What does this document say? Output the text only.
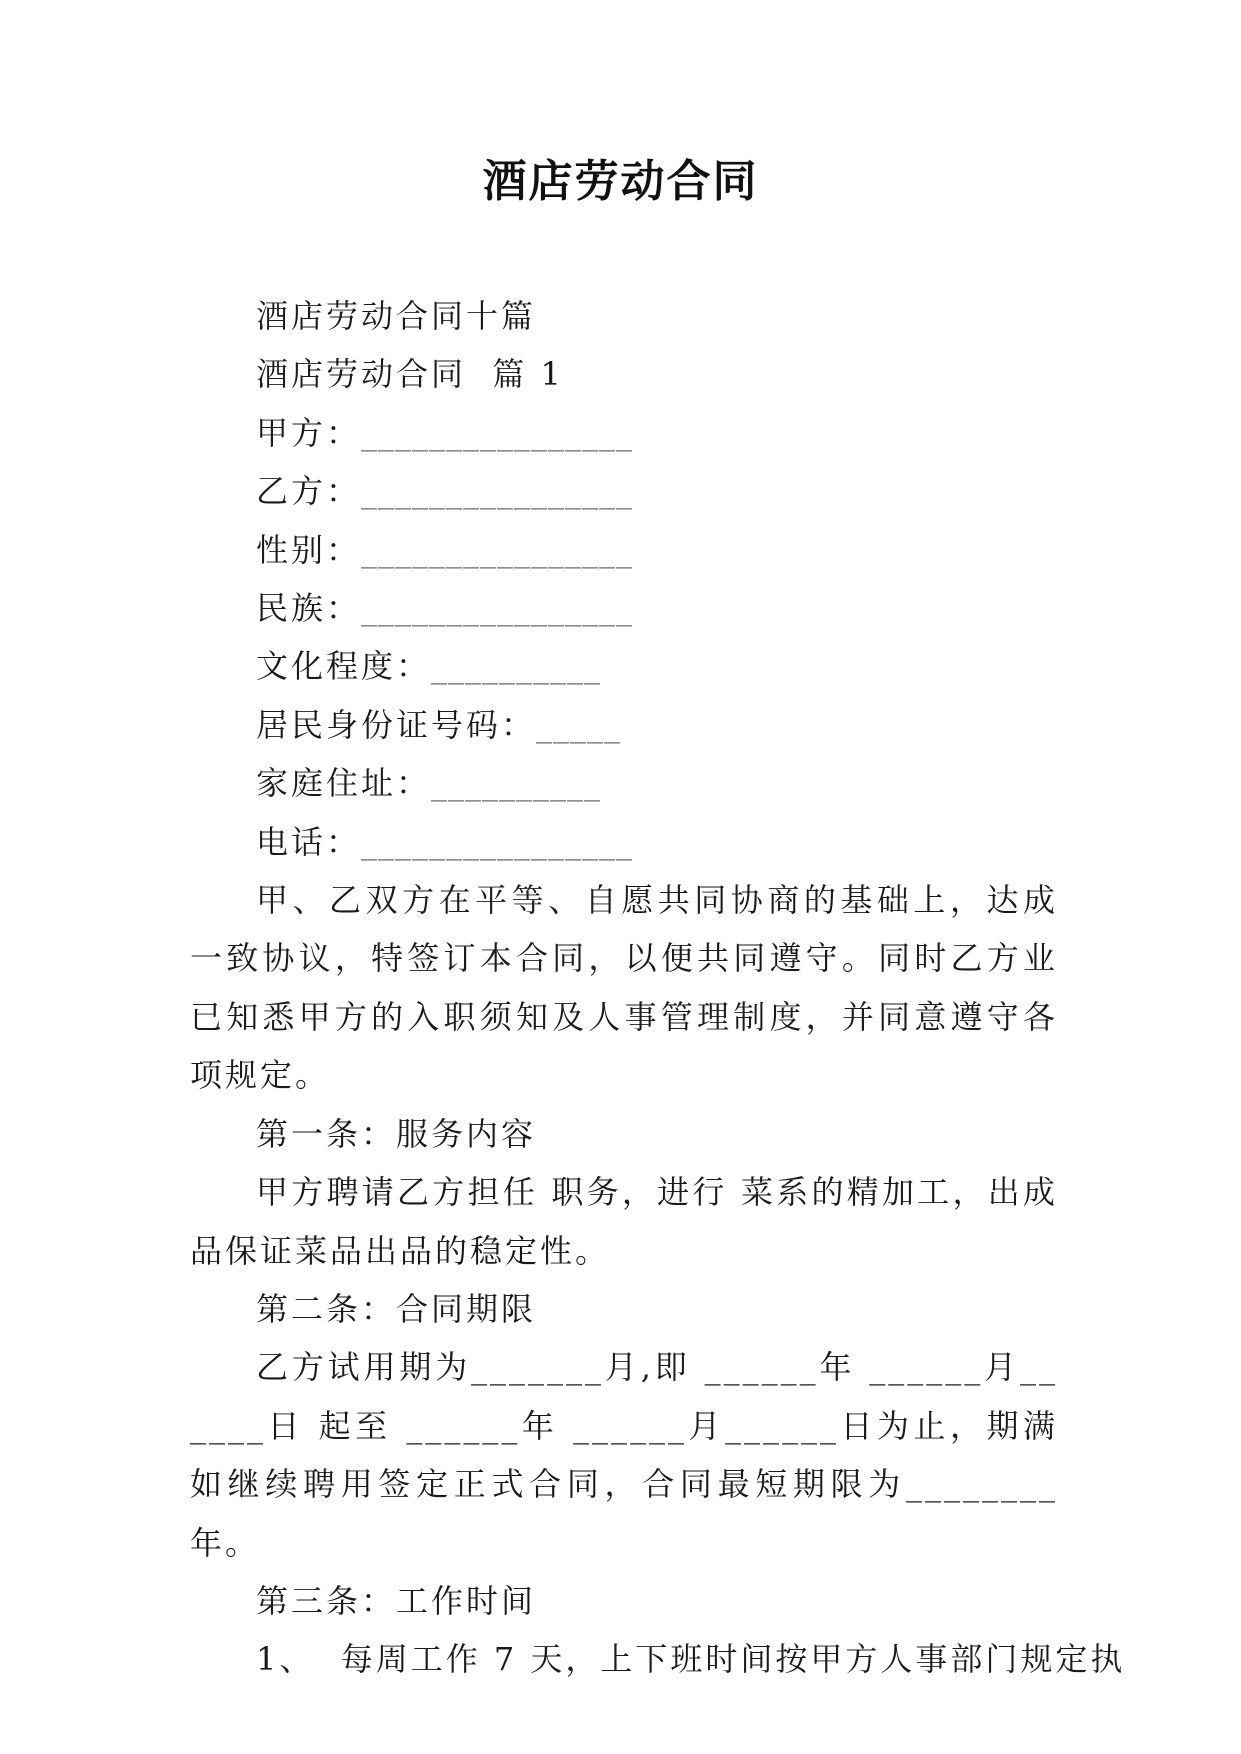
酒店劳动合同
酒店劳动合同十篇
酒店劳动合同  篇 1
甲方：________________
乙方：________________
性别：________________
民族：________________
文化程度：__________
居民身份证号码：_____
家庭住址：__________
电话：________________

甲、乙双方在平等、自愿共同协商的基础上，达成一致协议，特签订本合同，以便共同遵守。同时乙方业已知悉甲方的入职须知及人事管理制度，并同意遵守各项规定。

第一条：服务内容

甲方聘请乙方担任 职务，进行 菜系的精加工，出成品保证菜品出品的稳定性。

第二条：合同期限

乙方试用期为_______月,即 ______年 ______月______日 起至 ______年 ______月______日为止，期满如继续聘用签定正式合同，合同最短期限为________年。

第三条：工作时间
1、  每周工作 7 天，上下班时间按甲方人事部门规定执
